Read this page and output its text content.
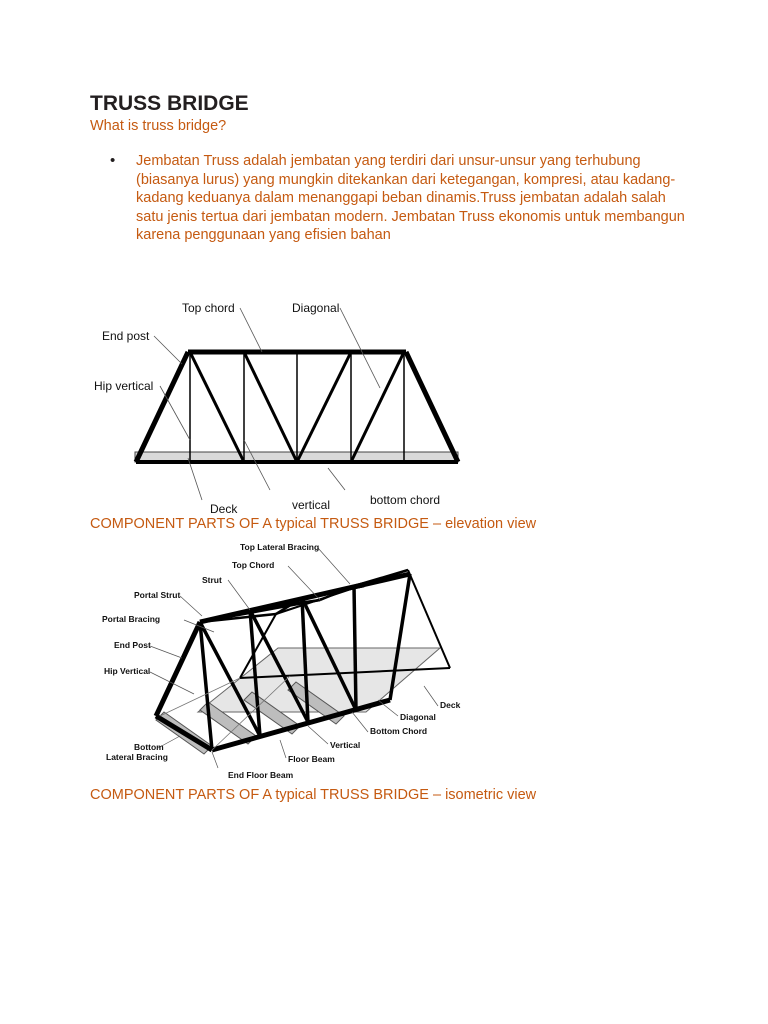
TRUSS BRIDGE
What is truss bridge?
• Jembatan Truss adalah jembatan yang terdiri dari unsur-unsur yang terhubung (biasanya lurus) yang mungkin ditekankan dari ketegangan, kompresi, atau kadang-kadang keduanya dalam menanggapi beban dinamis.Truss jembatan adalah salah satu jenis tertua dari jembatan modern. Jembatan Truss ekonomis untuk membangun karena penggunaan yang efisien bahan
Top chord	Diagonal
End post
Hip vertical
Deck	vertical	bottom chord
COMPONENT PARTS OF A typical TRUSS BRIDGE – elevation view
Top Lateral Bracing
Top Chord
Strut
Portal Strut
Portal Bracing
End Post
Hip Vertical
Bottom
Lateral Bracing
End Floor Beam
Floor Beam
Vertical
Bottom Chord
Diagonal
Deck
COMPONENT PARTS OF A typical TRUSS BRIDGE – isometric view
